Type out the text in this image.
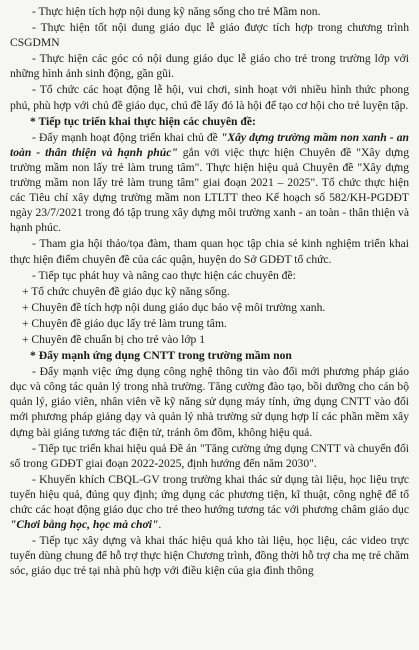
- Thực hiện tích hợp nội dung kỹ năng sống cho trẻ Mầm non.
- Thực hiện tốt nội dung giáo dục lễ giáo được tích hợp trong chương trình CSGDMN
- Thực hiện các góc có nội dung giáo dục lễ giáo cho trẻ trong trường lớp với những hình ảnh sinh động, gần gũi.
- Tổ chức các hoạt động lễ hội, vui chơi, sinh hoạt với nhiều hình thức phong phú, phù hợp với chủ đề giáo dục, chú đề lấy đó là hội để tạo cơ hội cho trẻ luyện tập.
* Tiếp tục triển khai thực hiện các chuyên đề:
- Đẩy mạnh hoạt động triển khai chủ đề "Xây dựng trường mầm non xanh - an toàn - thân thiện và hạnh phúc" gắn với việc thực hiện Chuyên đề "Xây dựng trường mầm non lấy trẻ làm trung tâm". Thực hiện hiệu quả Chuyên đề "Xây dựng trường mầm non lấy trẻ làm trung tâm" giai đoạn 2021 – 2025". Tổ chức thực hiện các Tiêu chí xây dựng trường mầm non LTLTT theo Kế hoạch số 582/KH-PGDĐT ngày 23/7/2021 trong đó tập trung xây dựng môi trường xanh - an toàn - thân thiện và hạnh phúc.
- Tham gia hội thảo/tọa đàm, tham quan học tập chia sẻ kinh nghiệm triển khai thực hiện điểm chuyên đề của các quận, huyện do Sở GDĐT tổ chức.
- Tiếp tục phát huy và nâng cao thực hiện các chuyên đề:
+ Tổ chức chuyên đề giáo dục kỹ năng sống.
+ Chuyên đề tích hợp nội dung giáo dục bảo vệ môi trường xanh.
+ Chuyên đề giáo dục lấy trẻ làm trung tâm.
+ Chuyên đề chuẩn bị cho trẻ vào lớp 1
* Đẩy mạnh ứng dụng CNTT trong trường mầm non
- Đẩy mạnh việc ứng dụng công nghệ thông tin vào đổi mới phương pháp giáo dục và công tác quản lý trong nhà trường. Tăng cường đào tạo, bồi dưỡng cho cán bộ quản lý, giáo viên, nhân viên về kỹ năng sử dụng máy tính, ứng dụng CNTT vào đổi mới phương pháp giảng dạy và quản lý nhà trường sử dụng hợp lí các phần mềm xây dựng bài giảng tương tác điện tử, tránh ôm đồm, không hiệu quả.
- Tiếp tục triển khai hiệu quả Đề án "Tăng cường ứng dụng CNTT và chuyển đổi số trong GDĐT giai đoạn 2022-2025, định hướng đến năm 2030".
- Khuyến khích CBQL-GV trong trường khai thác sử dụng tài liệu, học liệu trực tuyến hiệu quả, đúng quy định; ứng dụng các phương tiện, kĩ thuật, công nghệ để tổ chức các hoạt động giáo dục cho trẻ theo hướng tương tác với phương châm giáo dục "Chơi bằng học, học mà chơi".
- Tiếp tục xây dựng và khai thác hiệu quả kho tài liệu, học liệu, các video trực tuyến dùng chung để hỗ trợ thực hiện Chương trình, đồng thời hỗ trợ cha mẹ trẻ chăm sóc, giáo dục trẻ tại nhà phù hợp với điều kiện của gia đình thông
